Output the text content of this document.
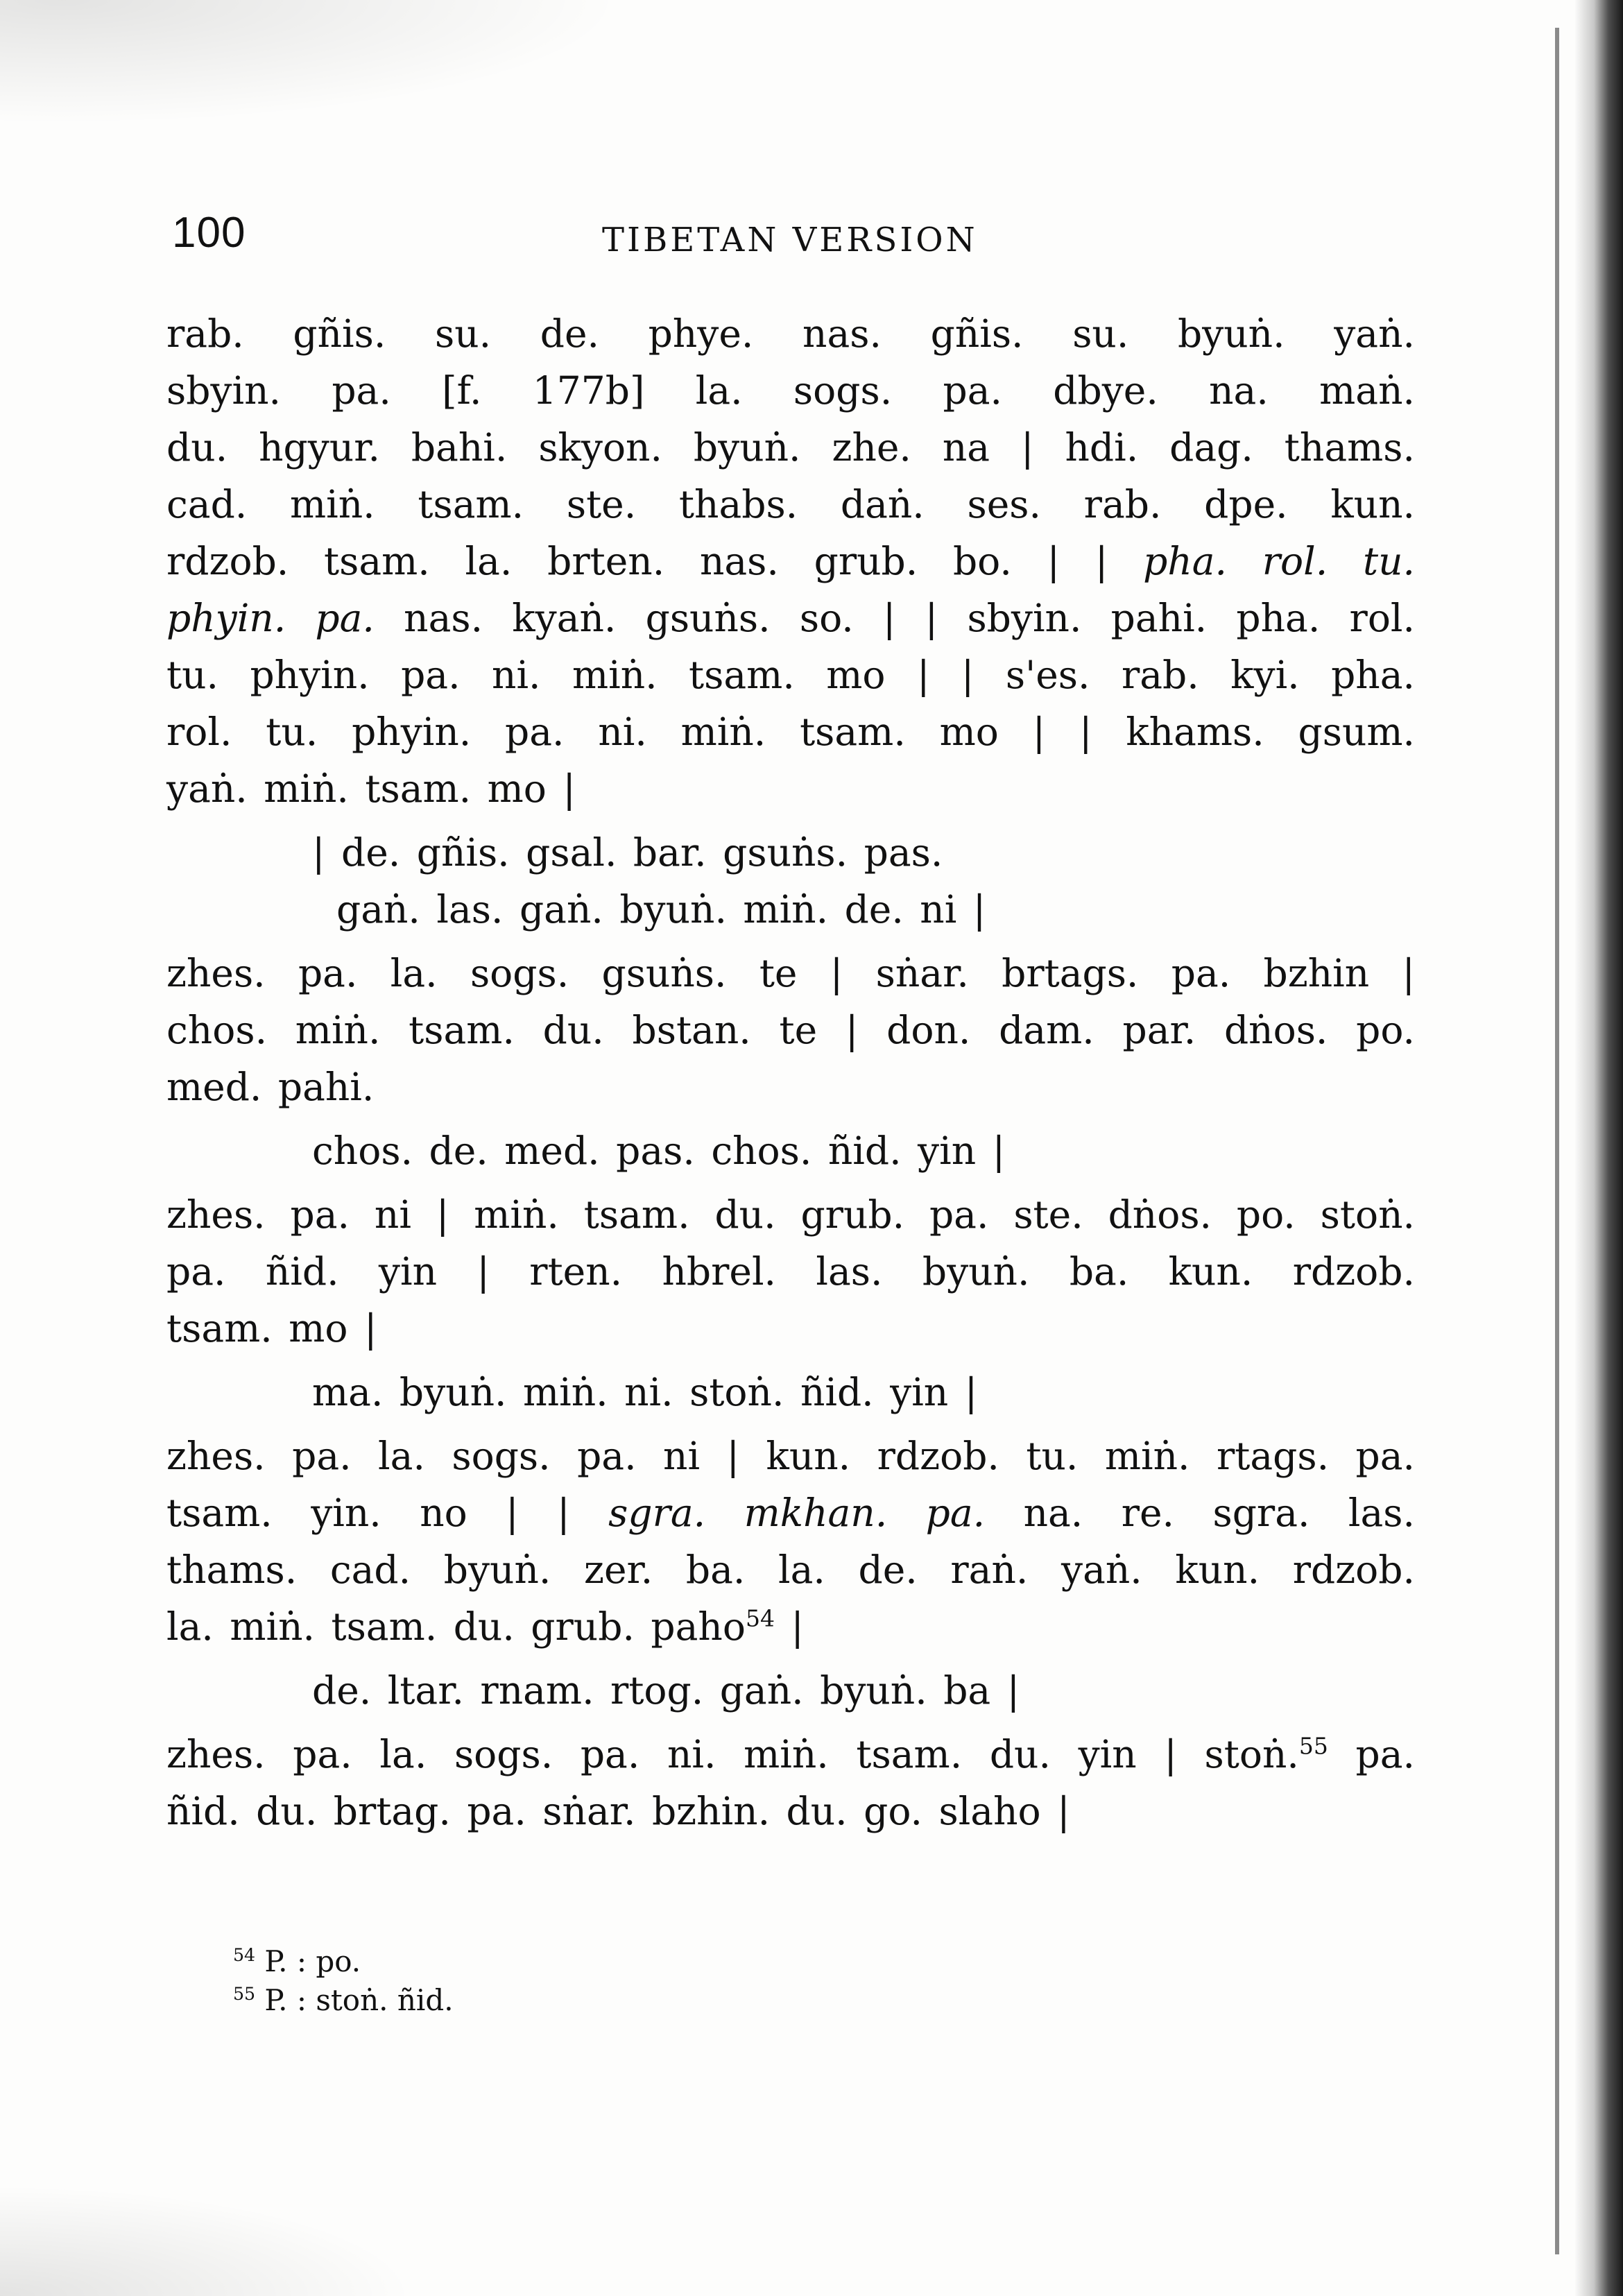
100	TIBETAN VERSION
rab. gñis. su. de. phye. nas. gñis. su. byuṅ. yaṅ.
sbyin. pa. [f. 177b] la. sogs. pa. dbye. na. maṅ.
du. hgyur. bahi. skyon. byuṅ. zhe. na | hdi. dag. thams.
cad. miṅ. tsam. ste. thabs. daṅ. ses. rab. dpe. kun.
rdzob. tsam. la. brten. nas. grub. bo. | | pha. rol. tu.
phyin. pa. nas. kyaṅ. gsuṅs. so. | | sbyin. pahi. pha. rol.
tu. phyin. pa. ni. miṅ. tsam. mo | | s'es. rab. kyi. pha.
rol. tu. phyin. pa. ni. miṅ. tsam. mo | | khams. gsum.
yaṅ. miṅ. tsam. mo |
| de. gñis. gsal. bar. gsuṅs. pas.
gaṅ. las. gaṅ. byuṅ. miṅ. de. ni |
zhes. pa. la. sogs. gsuṅs. te | sṅar. brtags. pa. bzhin |
chos. miṅ. tsam. du. bstan. te | don. dam. par. dṅos. po.
med. pahi.
chos. de. med. pas. chos. ñid. yin |
zhes. pa. ni | miṅ. tsam. du. grub. pa. ste. dṅos. po. stoṅ.
pa. ñid. yin | rten. hbrel. las. byuṅ. ba. kun. rdzob.
tsam. mo |
ma. byuṅ. miṅ. ni. stoṅ. ñid. yin |
zhes. pa. la. sogs. pa. ni | kun. rdzob. tu. miṅ. rtags. pa.
tsam. yin. no | | sgra. mkhan. pa. na. re. sgra. las.
thams. cad. byuṅ. zer. ba. la. de. raṅ. yaṅ. kun. rdzob.
la. miṅ. tsam. du. grub. paho$^{54}$ |
de. ltar. rnam. rtog. gaṅ. byuṅ. ba |
zhes. pa. la. sogs. pa. ni. miṅ. tsam. du. yin | stoṅ.$^{55}$ pa.
ñid. du. brtag. pa. sṅar. bzhin. du. go. slaho |
$^{54}$ P. : po.
$^{55}$ P. : stoṅ. ñid.
